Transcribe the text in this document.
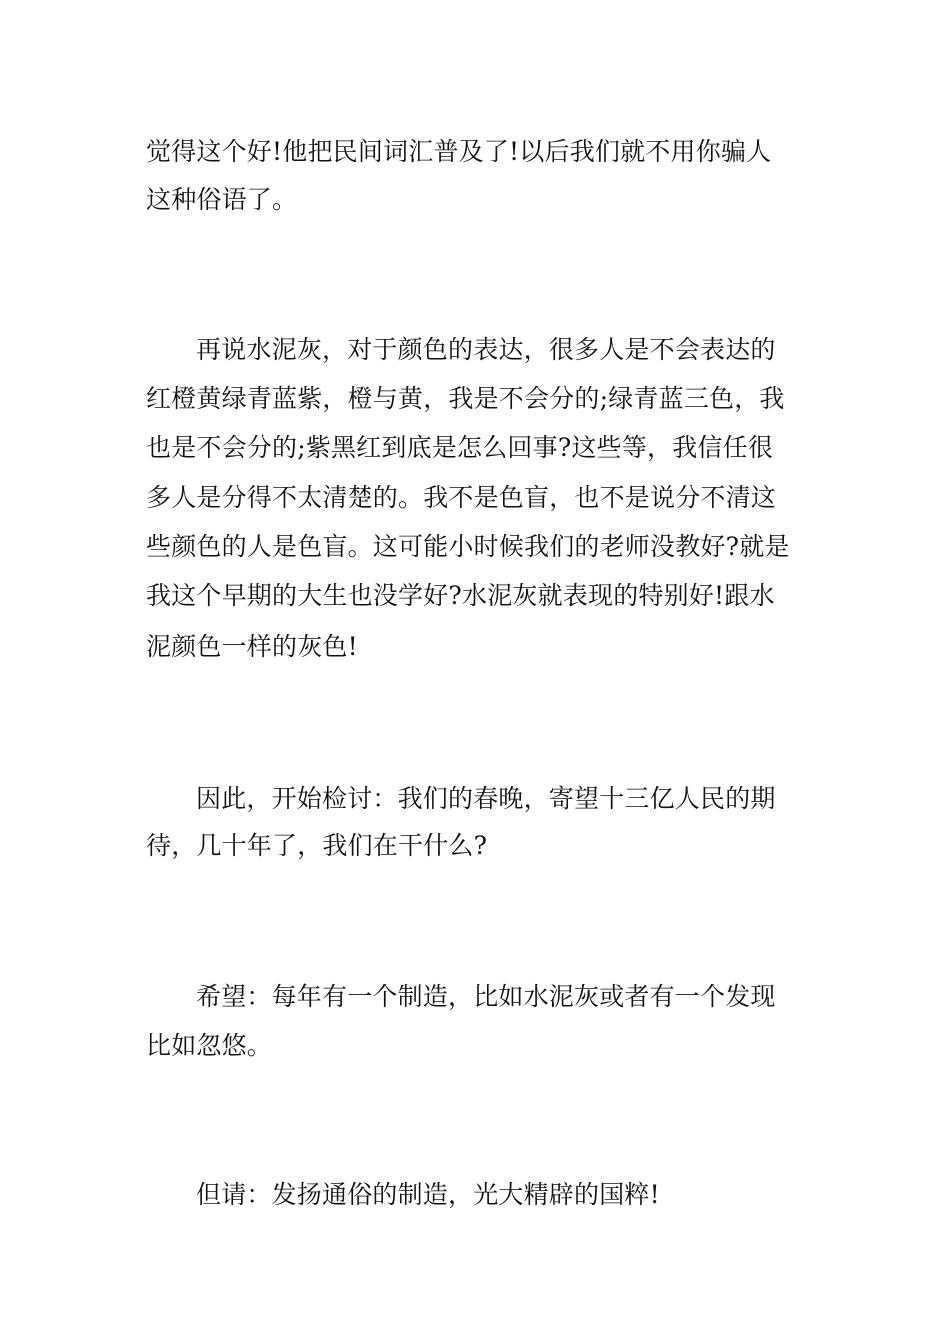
觉得这个好!他把民间词汇普及了!以后我们就不用你骗人
这种俗语了。
再说水泥灰，对于颜色的表达，很多人是不会表达的
红橙黄绿青蓝紫，橙与黄，我是不会分的;绿青蓝三色，我
也是不会分的;紫黑红到底是怎么回事?这些等，我信任很
多人是分得不太清楚的。我不是色盲，也不是说分不清这
些颜色的人是色盲。这可能小时候我们的老师没教好?就是
我这个早期的大生也没学好?水泥灰就表现的特别好!跟水
泥颜色一样的灰色!
因此，开始检讨：我们的春晚，寄望十三亿人民的期
待，几十年了，我们在干什么?
希望：每年有一个制造，比如水泥灰或者有一个发现
比如忽悠。
但请：发扬通俗的制造，光大精辟的国粹!
